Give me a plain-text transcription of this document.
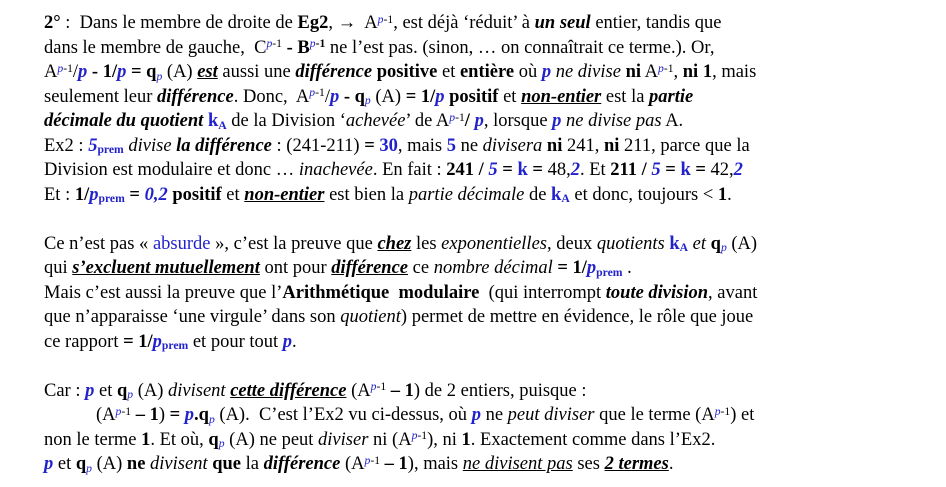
2° :  Dans le membre de droite de Eg2, →  $A^{p-1}$, est déjà ‘réduit’ à un seul entier, tandis que
dans le membre de gauche,  $C^{p-1} - B^{p-1}$ ne l’est pas. (sinon, … on connaîtrait ce terme.). Or,
$A^{p-1}/p - 1/p = q_p$ (A) est aussi une différence positive et entière où p ne divise ni $A^{p-1}$, ni 1, mais
seulement leur différence. Donc,  $A^{p-1}/p - q_p$ (A) = 1/p positif et non-entier est la partie
décimale du quotient $k_A$ de la Division ‘achevée’ de $A^{p-1}/$ p, lorsque p ne divise pas A.
Ex2 : $5_{prem}$ divise la différence : (241-211) = 30, mais 5 ne divisera ni 241, ni 211, parce que la
Division est modulaire et donc … inachevée. En fait : 241 / 5 = k = 48,2. Et 211 / 5 = k = 42,2
Et : $1/p_{prem} = 0,2$ positif et non-entier est bien la partie décimale de $k_A$ et donc, toujours < 1.
Ce n’est pas « absurde », c’est la preuve que chez les exponentielles, deux quotients $k_A$ et $q_p$ (A)
qui s’excluent mutuellement ont pour différence ce nombre décimal = $1/p_{prem}$ .
Mais c’est aussi la preuve que l’Arithmétique  modulaire  (qui interrompt toute division, avant
que n’apparaisse ‘une virgule’ dans son quotient) permet de mettre en évidence, le rôle que joue
ce rapport = $1/p_{prem}$ et pour tout p.
Car : p et $q_p$ (A) divisent cette différence $(A^{p-1} - 1)$ de 2 entiers, puisque :
$(A^{p-1} - 1) = p.q_p$ (A).  C’est l’Ex2 vu ci-dessus, où p ne peut diviser que le terme $(A^{p-1})$ et
non le terme 1. Et où, $q_p$ (A) ne peut diviser ni $(A^{p-1})$, ni 1. Exactement comme dans l’Ex2.
p et $q_p$ (A) ne divisent que la différence $(A^{p-1} - 1)$, mais ne divisent pas ses 2 termes.
